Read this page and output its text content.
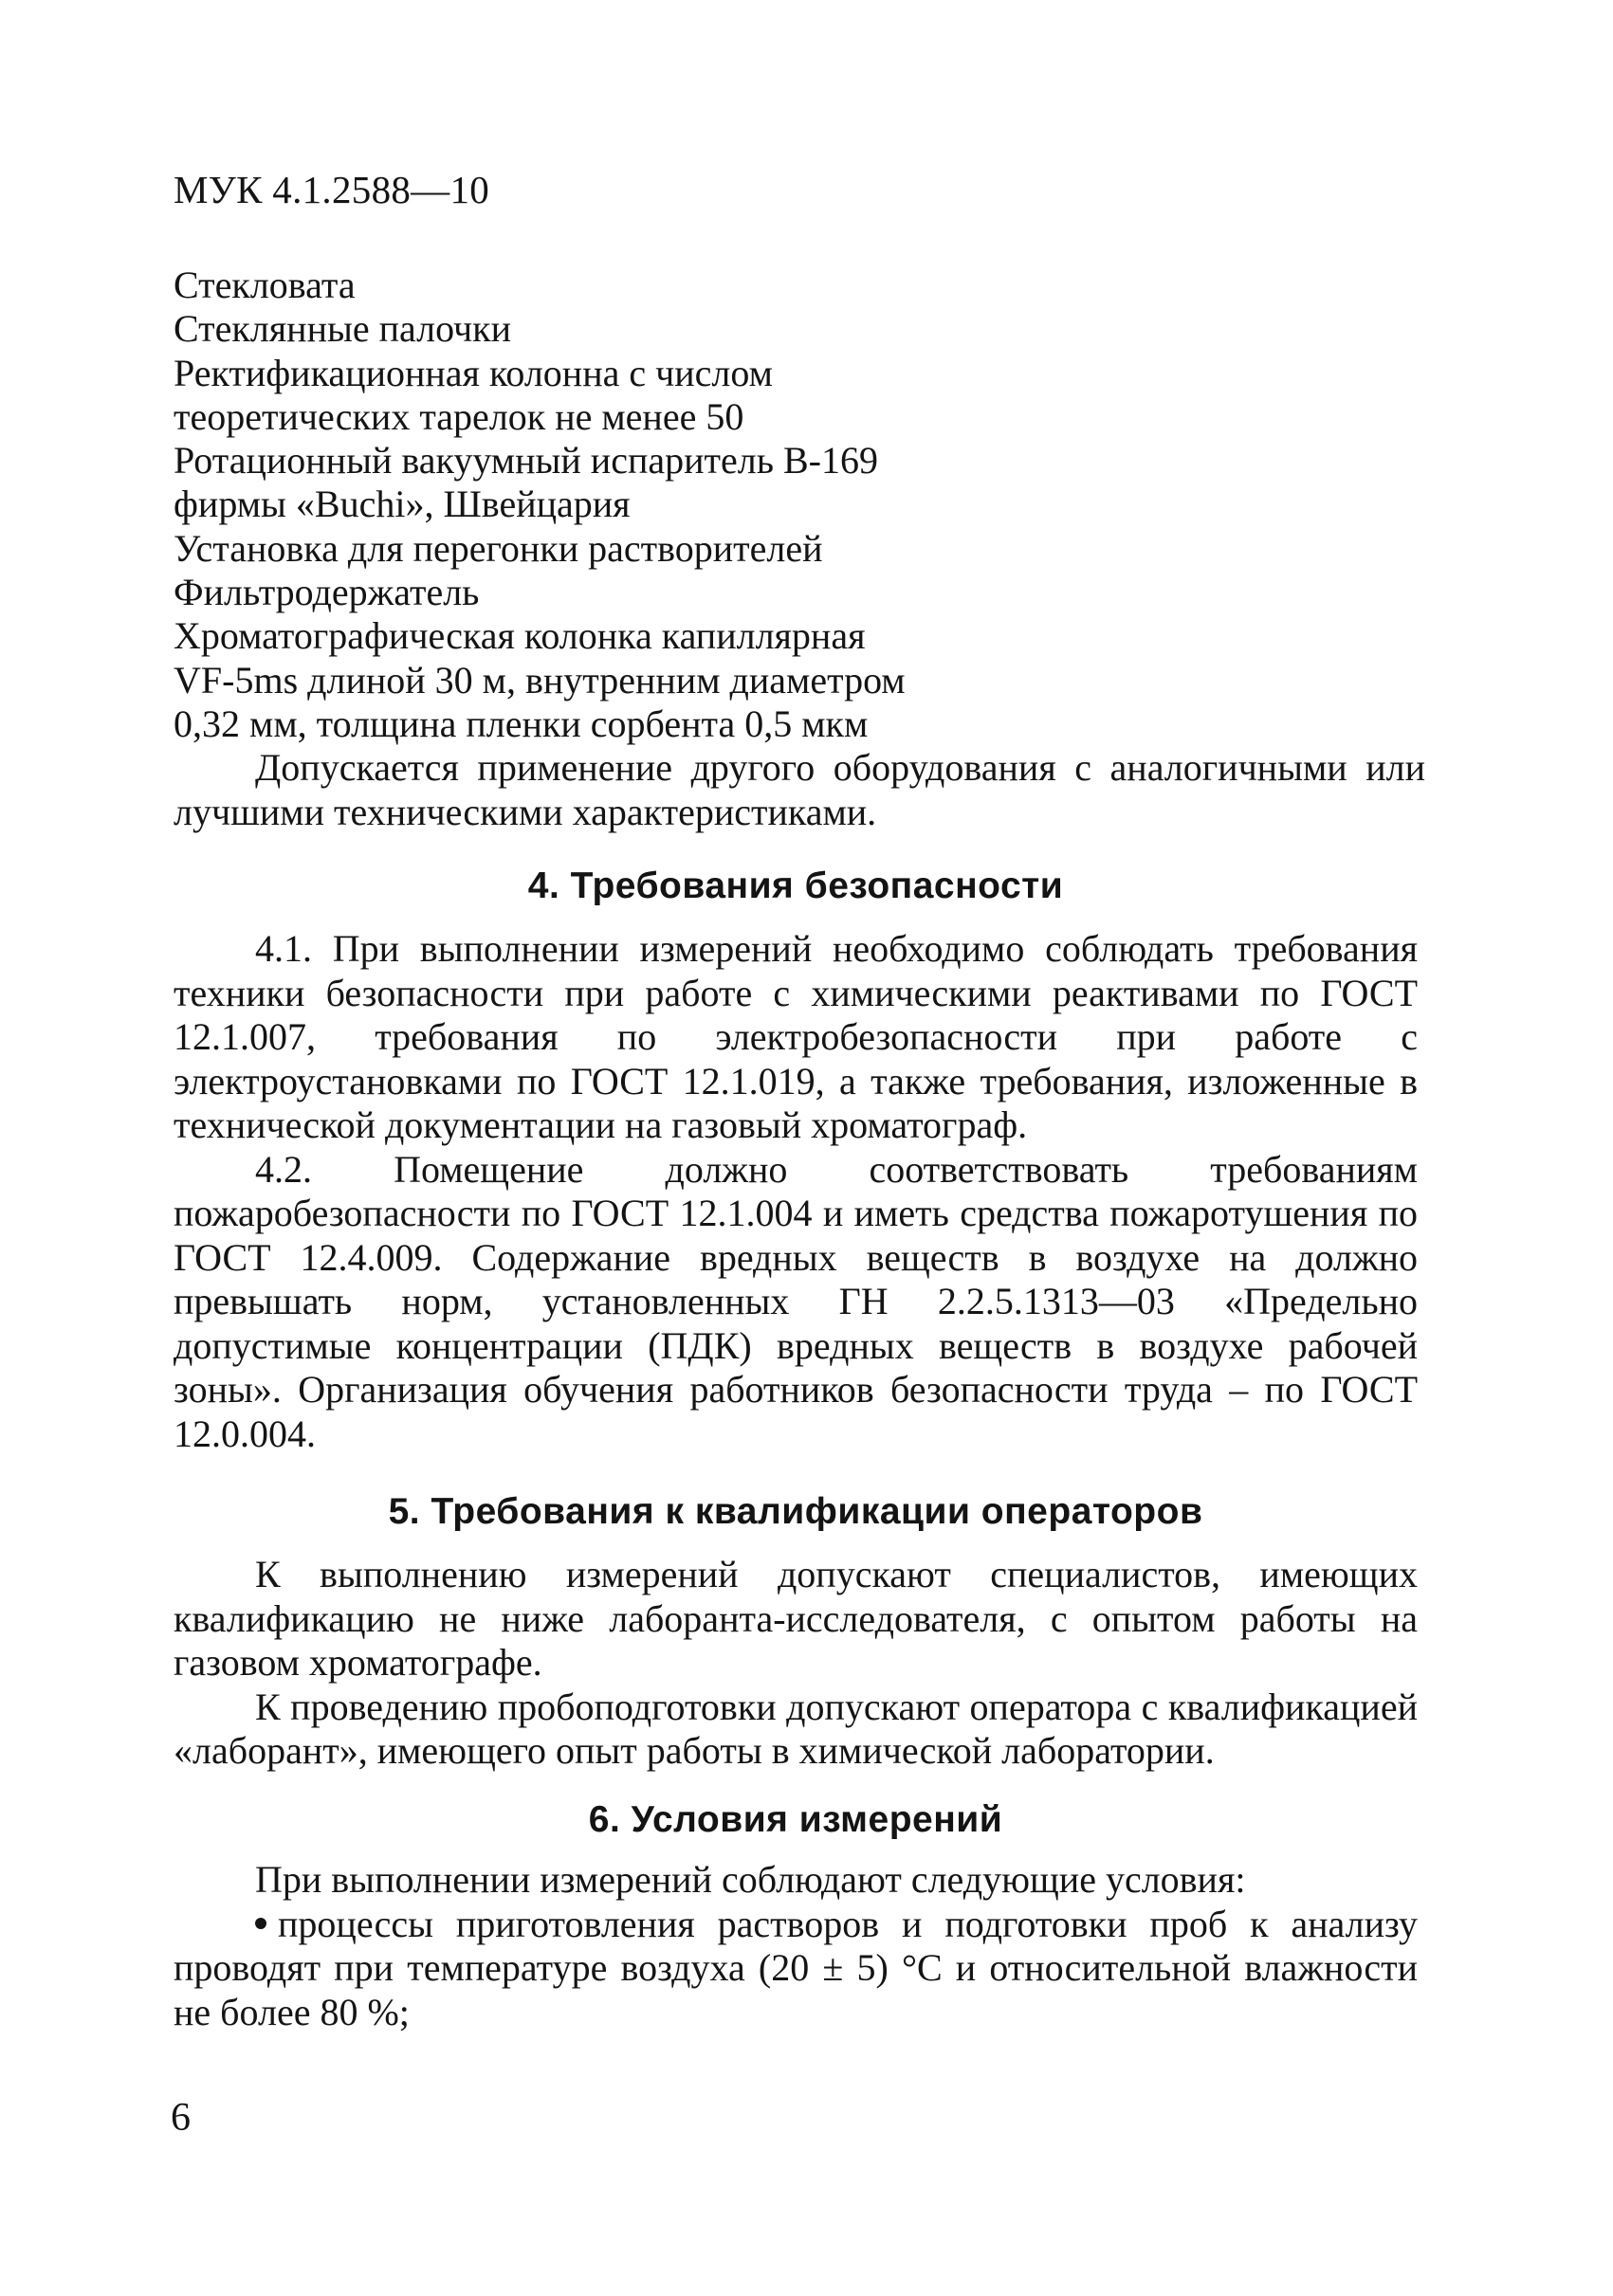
МУК 4.1.2588—10
Стекловата
Стеклянные палочки
Ректификационная колонна с числом
теоретических тарелок не менее 50
Ротационный вакуумный испаритель В-169
фирмы «Buchi», Швейцария
Установка для перегонки растворителей
Фильтродержатель
Хроматографическая колонка капиллярная
VF-5ms длиной 30 м, внутренним диаметром
0,32 мм, толщина пленки сорбента 0,5 мкм

Допускается применение другого оборудования с аналогичными или лучшими техническими характеристиками.

4. Требования безопасности

4.1. При выполнении измерений необходимо соблюдать требования техники безопасности при работе с химическими реактивами по ГОСТ 12.1.007, требования по электробезопасности при работе с электроустановками по ГОСТ 12.1.019, а также требования, изложенные в технической документации на газовый хроматограф.

4.2. Помещение должно соответствовать требованиям пожаробезопасности по ГОСТ 12.1.004 и иметь средства пожаротушения по ГОСТ 12.4.009. Содержание вредных веществ в воздухе на должно превышать норм, установленных ГН 2.2.5.1313—03 «Предельно допустимые концентрации (ПДК) вредных веществ в воздухе рабочей зоны». Организация обучения работников безопасности труда – по ГОСТ 12.0.004.

5. Требования к квалификации операторов

К выполнению измерений допускают специалистов, имеющих квалификацию не ниже лаборанта-исследователя, с опытом работы на газовом хроматографе.

К проведению пробоподготовки допускают оператора с квалификацией «лаборант», имеющего опыт работы в химической лаборатории.

6. Условия измерений

При выполнении измерений соблюдают следующие условия:

процессы приготовления растворов и подготовки проб к анализу проводят при температуре воздуха (20 ± 5) °С и относительной влажности не более 80 %;

6
